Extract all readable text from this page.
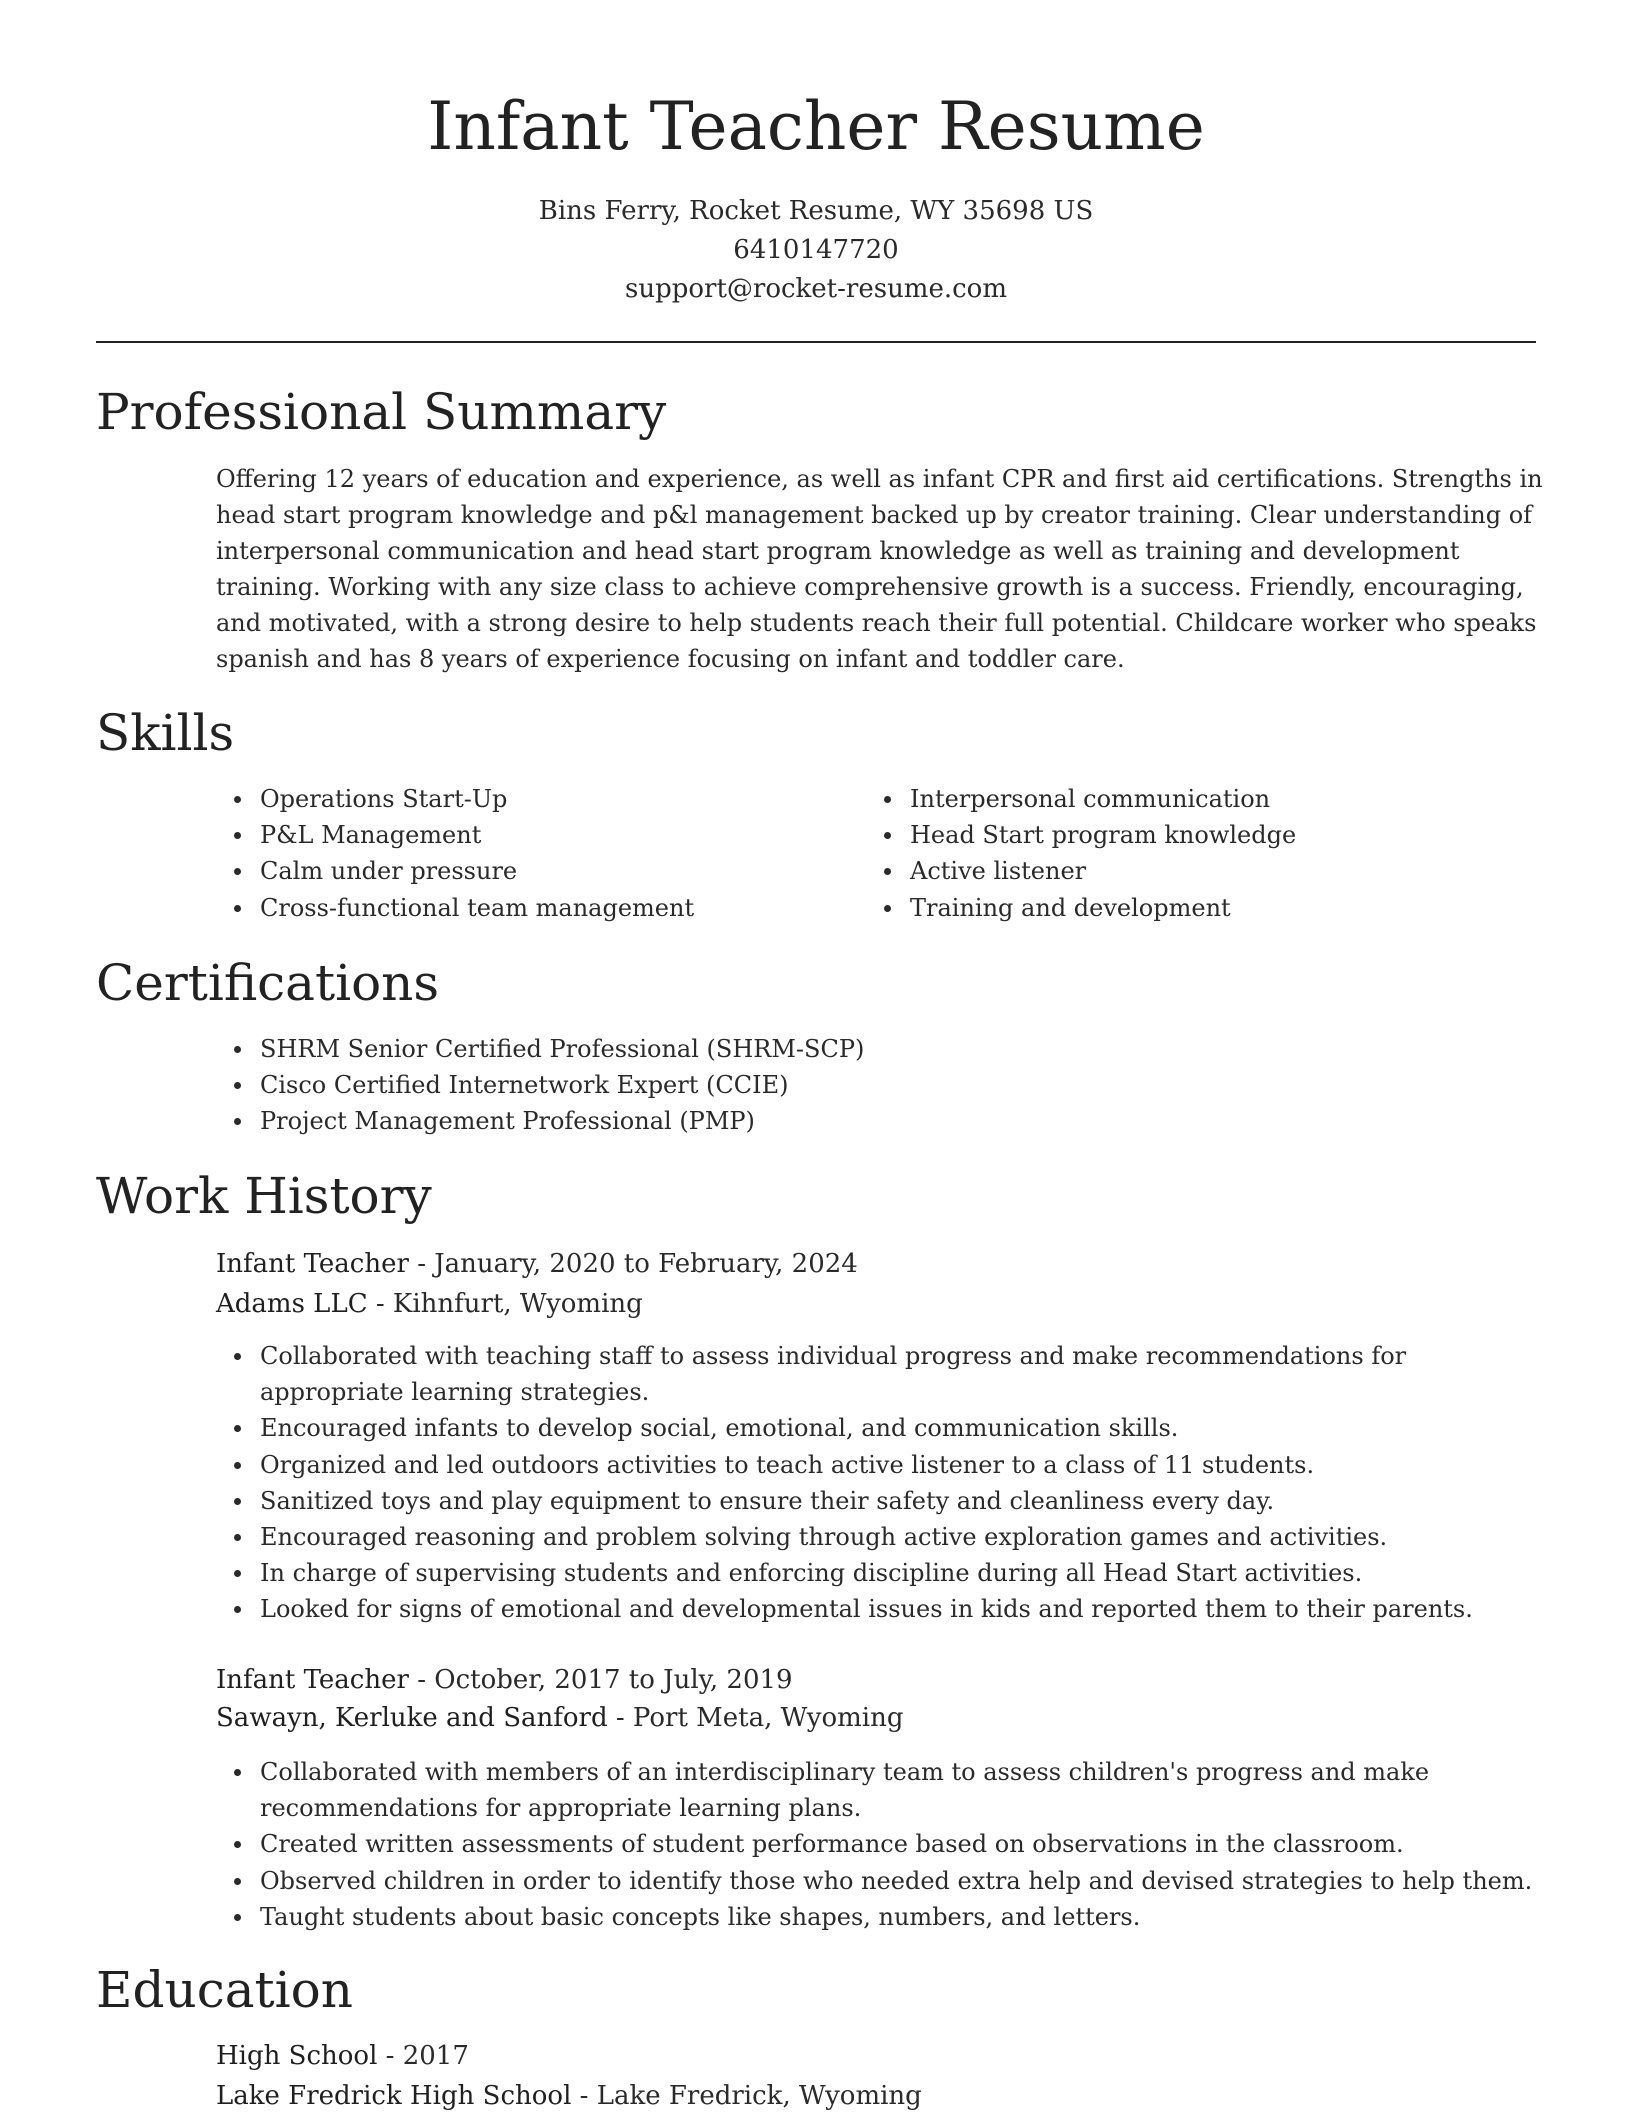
Infant Teacher Resume
Bins Ferry, Rocket Resume, WY 35698 US
6410147720
support@rocket-resume.com
Professional Summary
Offering 12 years of education and experience, as well as infant CPR and first aid certifications. Strengths in head start program knowledge and p&l management backed up by creator training. Clear understanding of interpersonal communication and head start program knowledge as well as training and development training. Working with any size class to achieve comprehensive growth is a success. Friendly, encouraging, and motivated, with a strong desire to help students reach their full potential. Childcare worker who speaks spanish and has 8 years of experience focusing on infant and toddler care.
Skills
Operations Start-Up
P&L Management
Calm under pressure
Cross-functional team management
Interpersonal communication
Head Start program knowledge
Active listener
Training and development
Certifications
SHRM Senior Certified Professional (SHRM-SCP)
Cisco Certified Internetwork Expert (CCIE)
Project Management Professional (PMP)
Work History
Infant Teacher - January, 2020 to February, 2024
Adams LLC - Kihnfurt, Wyoming
Collaborated with teaching staff to assess individual progress and make recommendations for appropriate learning strategies.
Encouraged infants to develop social, emotional, and communication skills.
Organized and led outdoors activities to teach active listener to a class of 11 students.
Sanitized toys and play equipment to ensure their safety and cleanliness every day.
Encouraged reasoning and problem solving through active exploration games and activities.
In charge of supervising students and enforcing discipline during all Head Start activities.
Looked for signs of emotional and developmental issues in kids and reported them to their parents.
Infant Teacher - October, 2017 to July, 2019
Sawayn, Kerluke and Sanford - Port Meta, Wyoming
Collaborated with members of an interdisciplinary team to assess children's progress and make recommendations for appropriate learning plans.
Created written assessments of student performance based on observations in the classroom.
Observed children in order to identify those who needed extra help and devised strategies to help them.
Taught students about basic concepts like shapes, numbers, and letters.
Education
High School - 2017
Lake Fredrick High School - Lake Fredrick, Wyoming
